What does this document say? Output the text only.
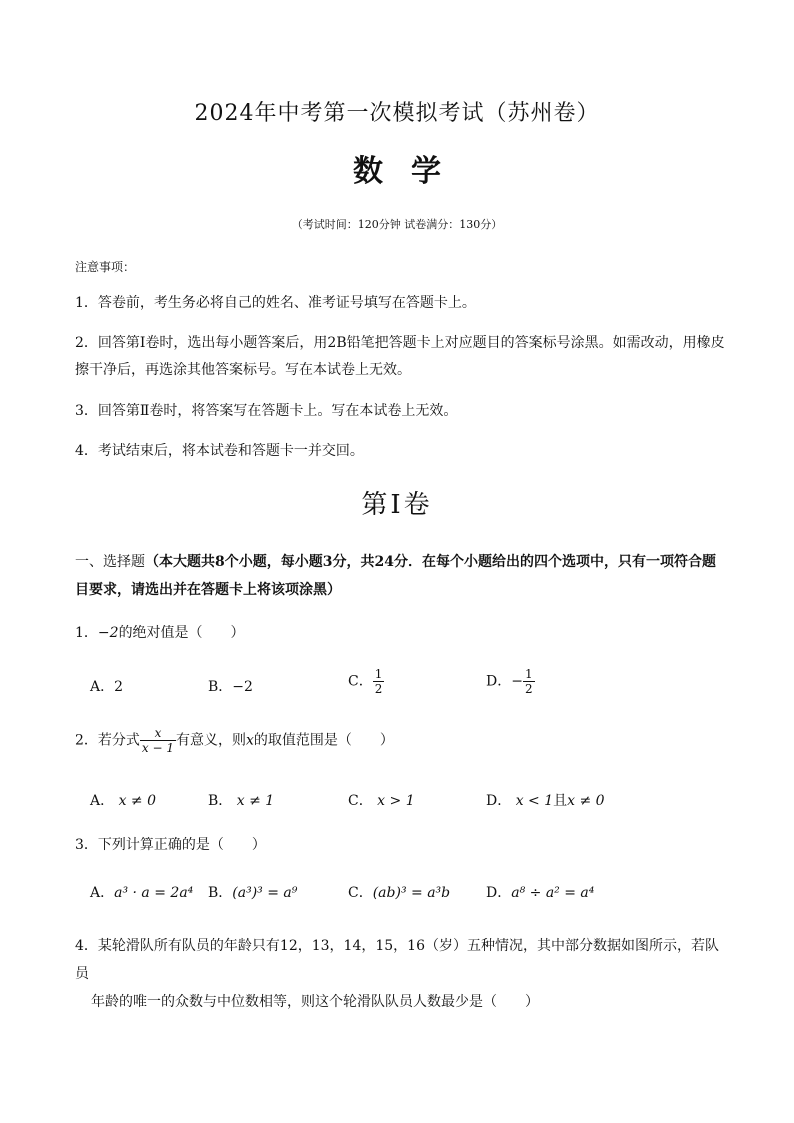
2024年中考第一次模拟考试（苏州卷）
数学
（考试时间：120分钟 试卷满分：130分）
注意事项：
1．答卷前，考生务必将自己的姓名、准考证号填写在答题卡上。
2．回答第Ⅰ卷时，选出每小题答案后，用2B铅笔把答题卡上对应题目的答案标号涂黑。如需改动，用橡皮擦干净后，再选涂其他答案标号。写在本试卷上无效。
3．回答第Ⅱ卷时，将答案写在答题卡上。写在本试卷上无效。
4．考试结束后，将本试卷和答题卡一并交回。
第Ⅰ卷
一、选择题（本大题共8个小题，每小题3分，共24分．在每个小题给出的四个选项中，只有一项符合题目要求，请选出并在答题卡上将该项涂黑）
1．−2的绝对值是（　　）
A．2	B．−2	C． $\frac{1}{2}$	D．− $\frac{1}{2}$
2．若分式 $\frac{x}{x - 1}$ 有意义，则x的取值范围是（　　）
A． x ≠ 0	B． x ≠ 1	C． x > 1	D． x < 1且x ≠ 0
3．下列计算正确的是（　　）
A．a³ · a = 2a⁴ B．(a³)³ = a⁹	C．(ab)³ = a³b	D．a⁸ ÷ a² = a⁴
4．某轮滑队所有队员的年龄只有12，13，14，15，16（岁）五种情况，其中部分数据如图所示，若队员
年龄的唯一的众数与中位数相等，则这个轮滑队队员人数最少是（　　）
